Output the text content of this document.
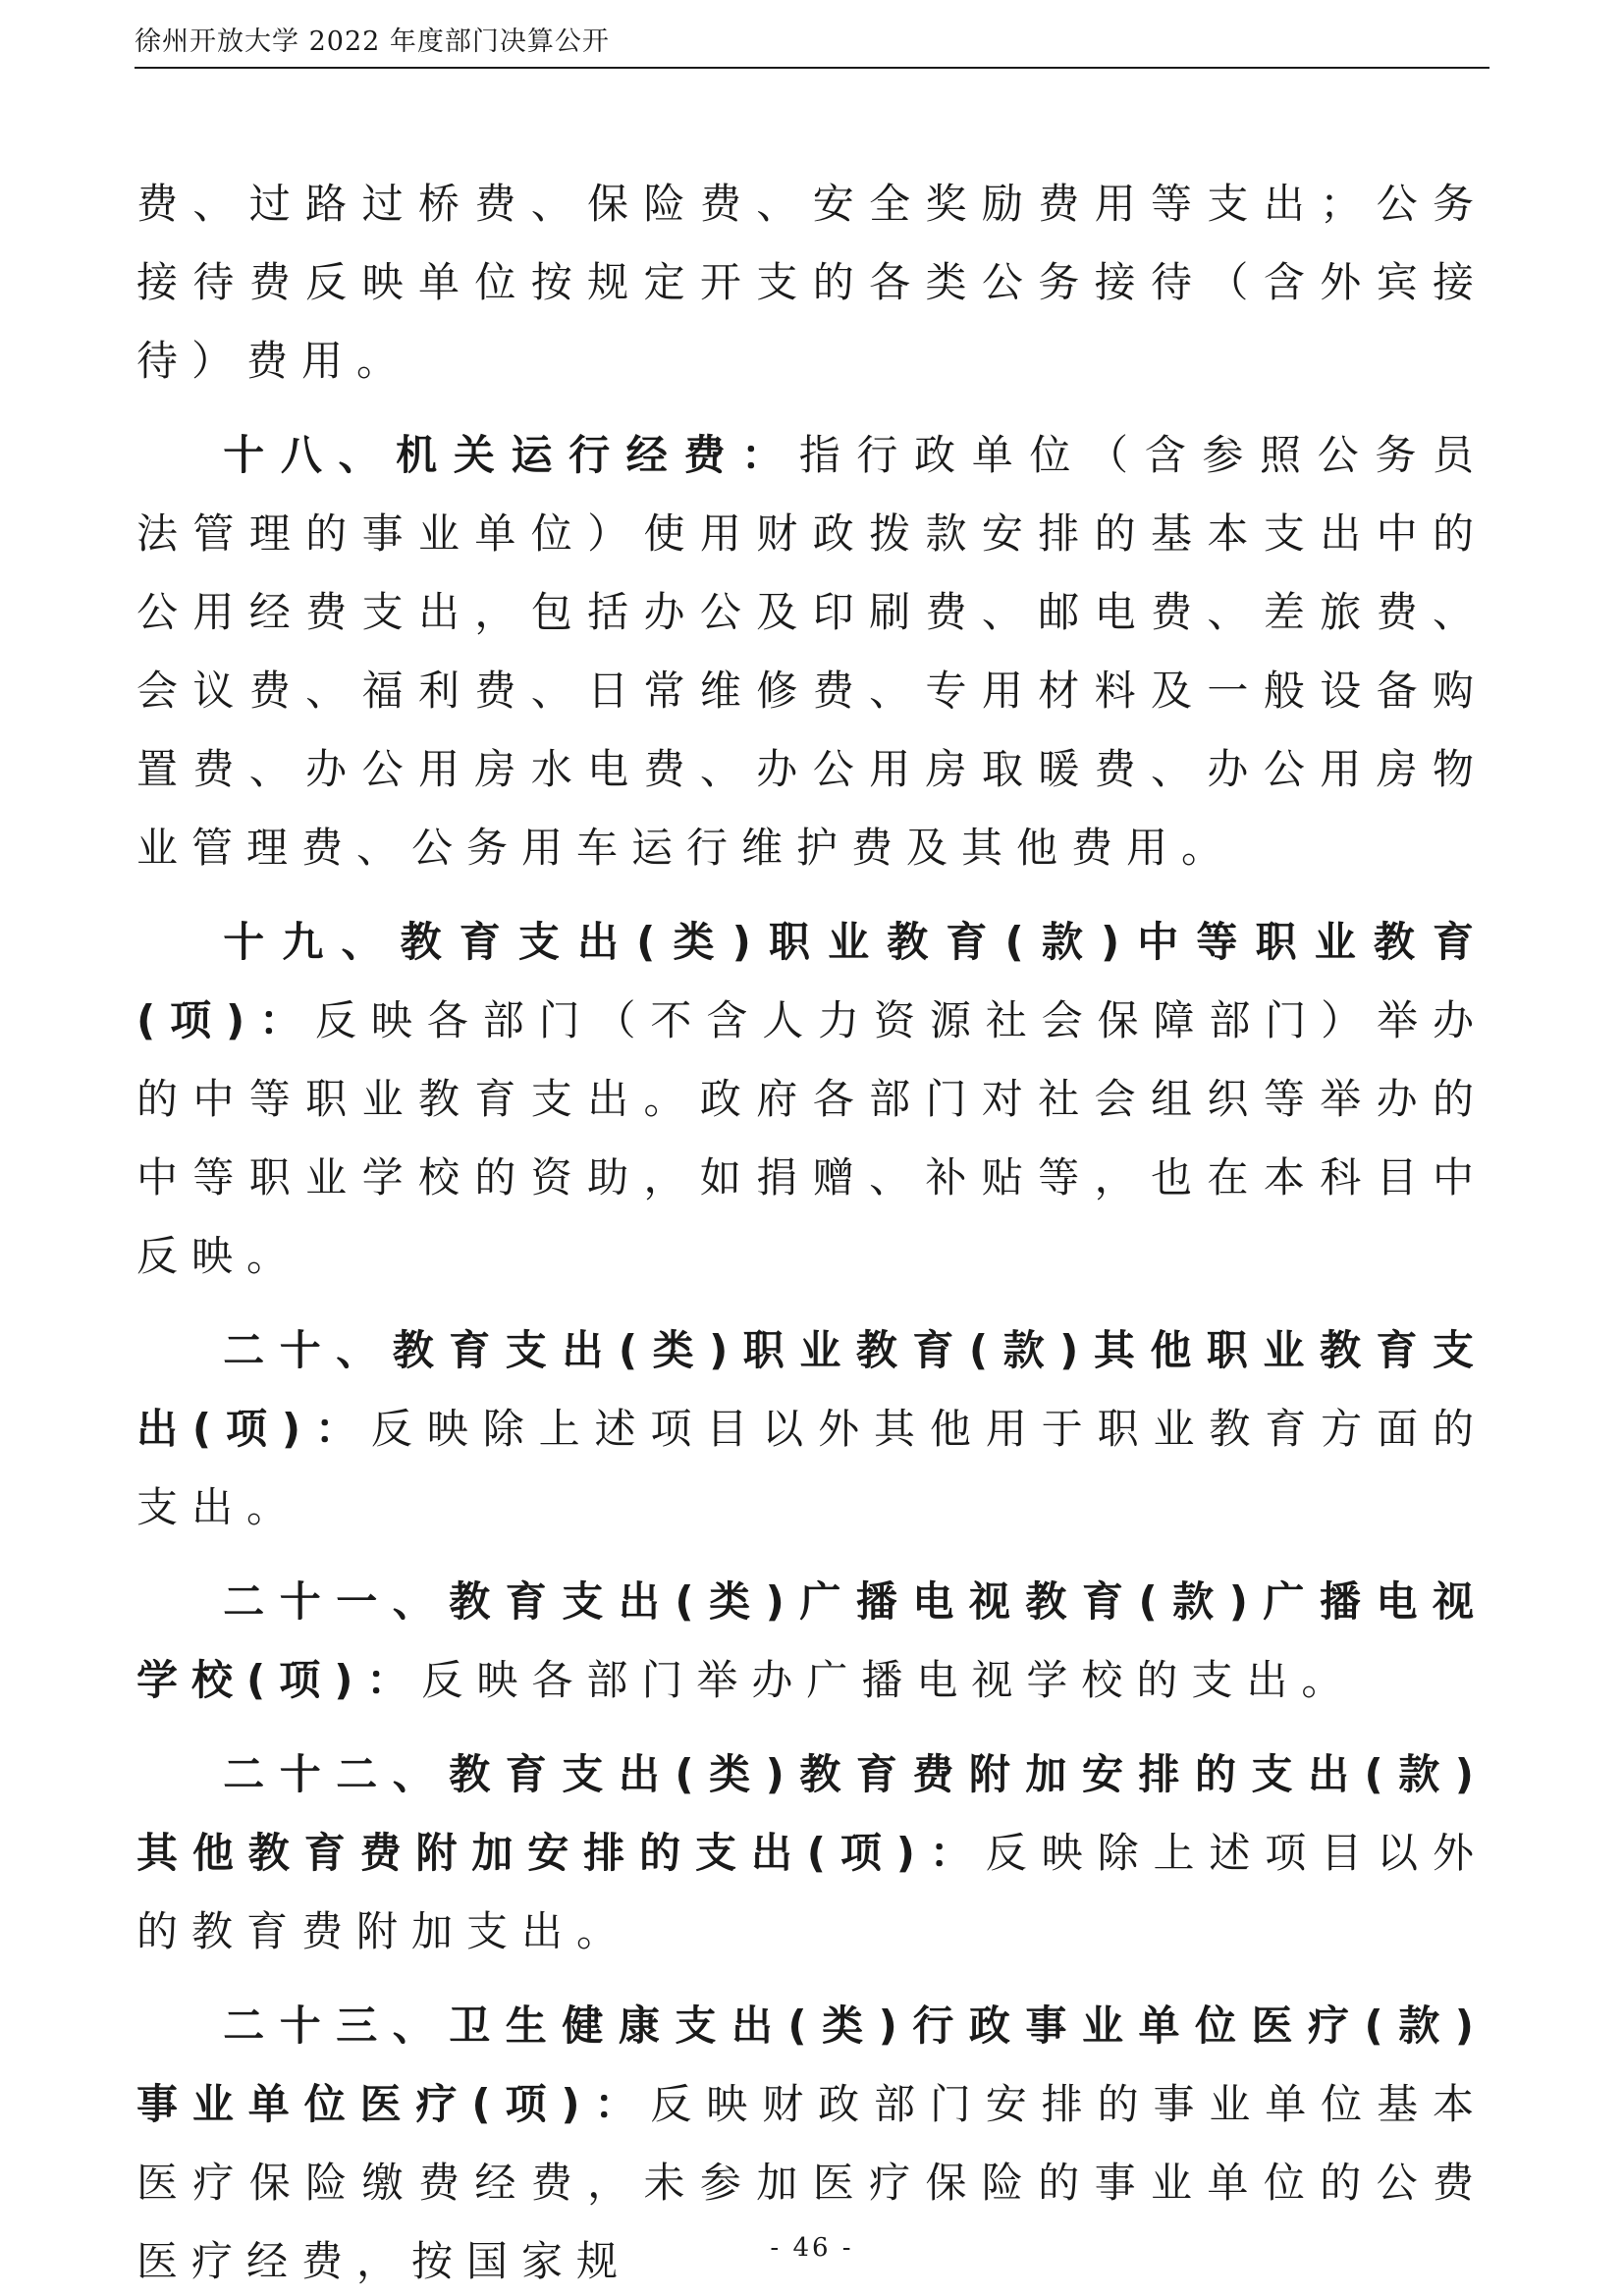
徐州开放大学 2022 年度部门决算公开

费、过路过桥费、保险费、安全奖励费用等支出；公务接待费反映单位按规定开支的各类公务接待（含外宾接待）费用。

十八、机关运行经费：指行政单位（含参照公务员法管理的事业单位）使用财政拨款安排的基本支出中的公用经费支出，包括办公及印刷费、邮电费、差旅费、会议费、福利费、日常维修费、专用材料及一般设备购置费、办公用房水电费、办公用房取暖费、办公用房物业管理费、公务用车运行维护费及其他费用。

十九、教育支出(类)职业教育(款)中等职业教育(项)：反映各部门（不含人力资源社会保障部门）举办的中等职业教育支出。政府各部门对社会组织等举办的中等职业学校的资助，如捐赠、补贴等，也在本科目中反映。

二十、教育支出(类)职业教育(款)其他职业教育支出(项)：反映除上述项目以外其他用于职业教育方面的支出。

二十一、教育支出(类)广播电视教育(款)广播电视学校(项)：反映各部门举办广播电视学校的支出。

二十二、教育支出(类)教育费附加安排的支出(款)其他教育费附加安排的支出(项)：反映除上述项目以外的教育费附加支出。

二十三、卫生健康支出(类)行政事业单位医疗(款)事业单位医疗(项)：反映财政部门安排的事业单位基本医疗保险缴费经费，未参加医疗保险的事业单位的公费医疗经费，按国家规	- 46 -
